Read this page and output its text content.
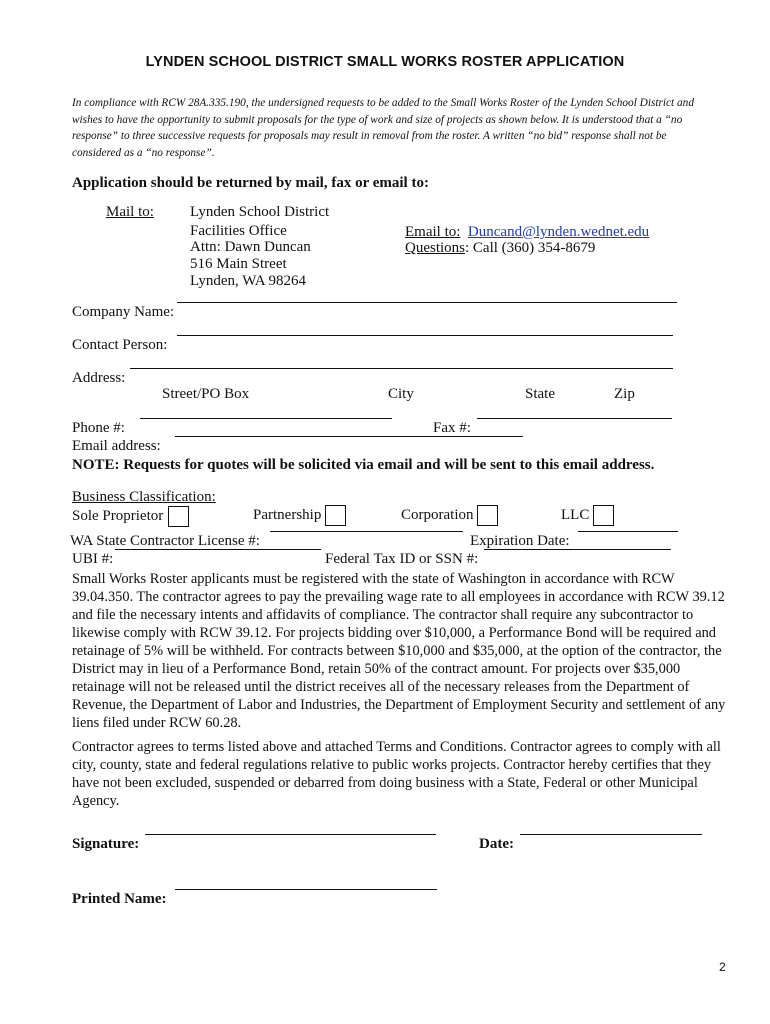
LYNDEN SCHOOL DISTRICT SMALL WORKS ROSTER APPLICATION
In compliance with RCW 28A.335.190, the undersigned requests to be added to the Small Works Roster of the Lynden School District and wishes to have the opportunity to submit proposals for the type of work and size of projects as shown below. It is understood that a “no response” to three successive requests for proposals may result in removal from the roster. A written “no bid” response shall not be considered as a “no response”.
Application should be returned by mail, fax or email to:
Mail to: Lynden School District
Facilities Office
Attn: Dawn Duncan
516 Main Street
Lynden, WA 98264
Email to: Duncand@lynden.wednet.edu
Questions: Call (360) 354-8679
Company Name:
Contact Person:
Address:
Street/PO Box	City	State	Zip
Phone #:	Fax #:
Email address:
NOTE: Requests for quotes will be solicited via email and will be sent to this email address.
Business Classification:
Sole Proprietor	Partnership	Corporation	LLC
WA State Contractor License #:	Expiration Date:
UBI #:	Federal Tax ID or SSN #:
Small Works Roster applicants must be registered with the state of Washington in accordance with RCW 39.04.350. The contractor agrees to pay the prevailing wage rate to all employees in accordance with RCW 39.12 and file the necessary intents and affidavits of compliance. The contractor shall require any subcontractor to likewise comply with RCW 39.12. For projects bidding over $10,000, a Performance Bond will be required and retainage of 5% will be withheld. For contracts between $10,000 and $35,000, at the option of the contractor, the District may in lieu of a Performance Bond, retain 50% of the contract amount. For projects over $35,000 retainage will not be released until the district receives all of the necessary releases from the Department of Revenue, the Department of Labor and Industries, the Department of Employment Security and settlement of any liens filed under RCW 60.28.
Contractor agrees to terms listed above and attached Terms and Conditions. Contractor agrees to comply with all city, county, state and federal regulations relative to public works projects. Contractor hereby certifies that they have not been excluded, suspended or debarred from doing business with a State, Federal or other Municipal Agency.
Signature:	Date:
Printed Name:
2
